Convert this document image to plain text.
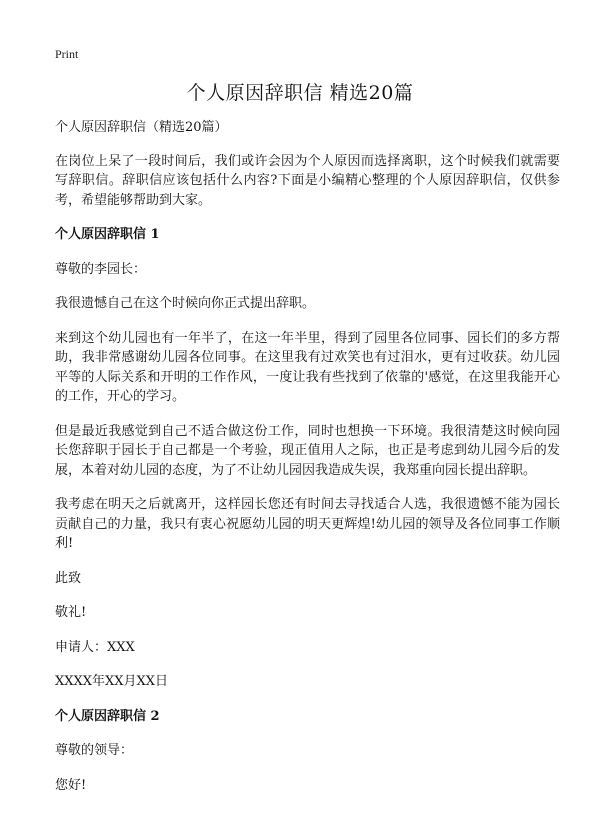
Print
个人原因辞职信 精选20篇

个人原因辞职信（精选20篇）

在岗位上呆了一段时间后，我们或许会因为个人原因而选择离职，这个时候我们就需要写辞职信。辞职信应该包括什么内容?下面是小编精心整理的个人原因辞职信，仅供参考，希望能够帮助到大家。

个人原因辞职信 1

尊敬的李园长：

我很遗憾自己在这个时候向你正式提出辞职。

来到这个幼儿园也有一年半了，在这一年半里，得到了园里各位同事、园长们的多方帮助，我非常感谢幼儿园各位同事。在这里我有过欢笑也有过泪水，更有过收获。幼儿园平等的人际关系和开明的工作作风，一度让我有些找到了依靠的'感觉，在这里我能开心的工作，开心的学习。

但是最近我感觉到自己不适合做这份工作，同时也想换一下环境。我很清楚这时候向园长您辞职于园长于自己都是一个考验，现正值用人之际，也正是考虑到幼儿园今后的发展，本着对幼儿园的态度，为了不让幼儿园因我造成失误，我郑重向园长提出辞职。

我考虑在明天之后就离开，这样园长您还有时间去寻找适合人选，我很遗憾不能为园长贡献自己的力量，我只有衷心祝愿幼儿园的明天更辉煌!幼儿园的领导及各位同事工作顺利!

此致

敬礼!

申请人：XXX

XXXX年XX月XX日

个人原因辞职信 2

尊敬的领导：

您好!
